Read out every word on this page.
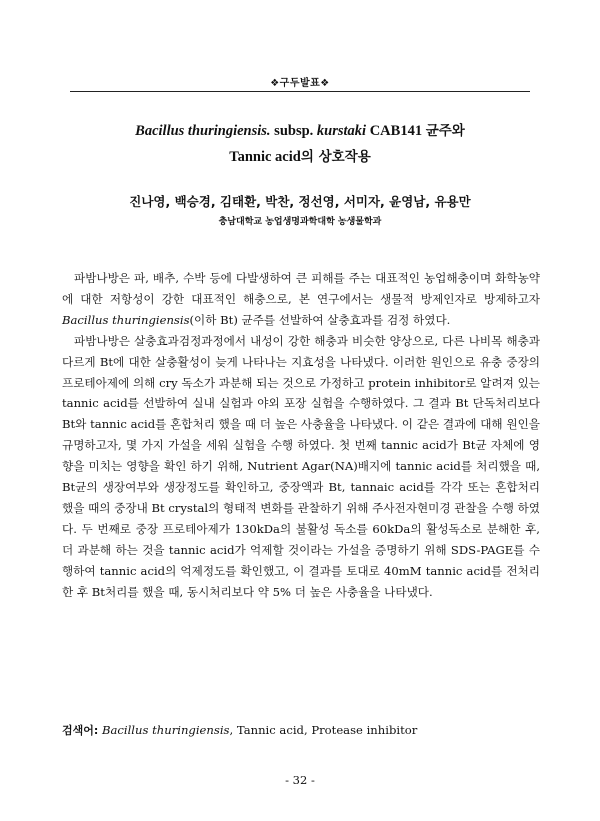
❖구두발표❖
Bacillus thuringiensis. subsp. kurstaki CAB141 균주와
Tannic acid의 상호작용
진나영, 백승경, 김태환, 박찬, 정선영, 서미자, 윤영남, 유용만
충남대학교 농업생명과학대학 농생물학과

파밤나방은 파, 배추, 수박 등에 다발생하여 큰 피해를 주는 대표적인 농업해충이며 화학농약에 대한 저항성이 강한 대표적인 해충으로, 본 연구에서는 생물적 방제인자로 방제하고자 Bacillus thuringiensis(이하 Bt) 균주를 선발하여 살충효과를 검정 하였다.

파밤나방은 살충효과검정과정에서 내성이 강한 해충과 비슷한 양상으로, 다른 나비목 해충과 다르게 Bt에 대한 살충활성이 늦게 나타나는 지효성을 나타냈다. 이러한 원인으로 유충 중장의 프로테아제에 의해 cry 독소가 과분해 되는 것으로 가정하고 protein inhibitor로 알려져 있는 tannic acid를 선발하여 실내 실험과 야외 포장 실험을 수행하였다. 그 결과 Bt 단독처리보다 Bt와 tannic acid를 혼합처리 했을 때 더 높은 사충율을 나타냈다. 이 같은 결과에 대해 원인을 규명하고자, 몇 가지 가설을 세워 실험을 수행 하였다. 첫 번째 tannic acid가 Bt균 자체에 영향을 미치는 영향을 확인 하기 위해, Nutrient Agar(NA)배지에 tannic acid를 처리했을 때, Bt균의 생장여부와 생장정도를 확인하고, 중장액과 Bt, tannaic acid를 각각 또는 혼합처리 했을 때의 중장내 Bt crystal의 형태적 변화를 관찰하기 위해 주사전자현미경 관찰을 수행 하였다. 두 번째로 중장 프로테아제가 130kDa의 불활성 독소를 60kDa의 활성독소로 분해한 후, 더 과분해 하는 것을 tannic acid가 억제할 것이라는 가설을 증명하기 위해 SDS-PAGE를 수행하여 tannic acid의 억제정도를 확인했고, 이 결과를 토대로 40mM tannic acid를 전처리 한 후 Bt처리를 했을 때, 동시처리보다 약 5% 더 높은 사충율을 나타냈다.

검색어: Bacillus thuringiensis, Tannic acid, Protease inhibitor
- 32 -
